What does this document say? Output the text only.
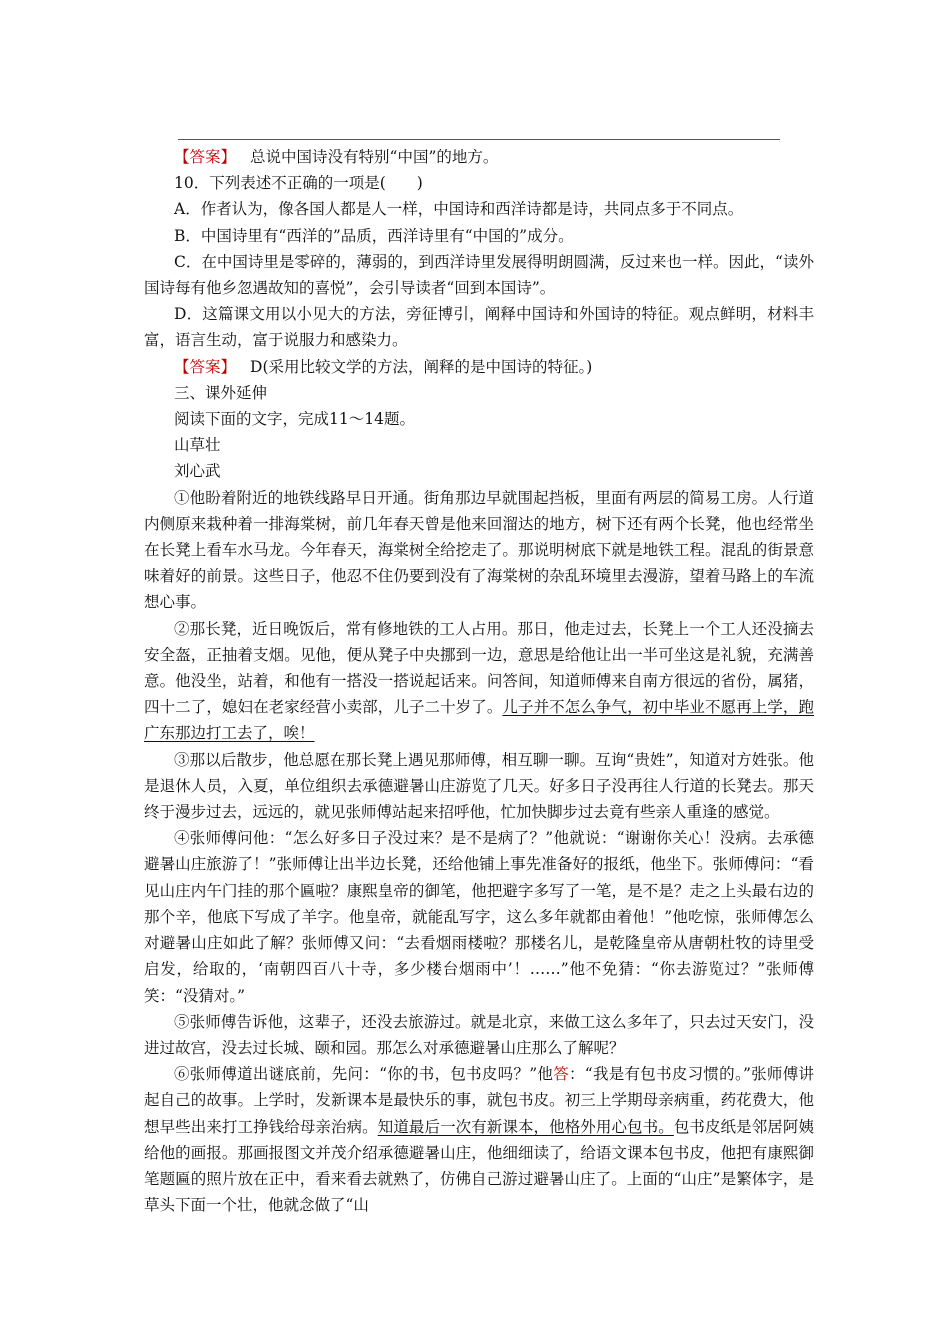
【答案】 总说中国诗没有特别“中国”的地方。

10．下列表述不正确的一项是(　　)

A．作者认为，像各国人都是人一样，中国诗和西洋诗都是诗，共同点多于不同点。

B．中国诗里有“西洋的”品质，西洋诗里有“中国的”成分。

C．在中国诗里是零碎的，薄弱的，到西洋诗里发展得明朗圆满，反过来也一样。因此，“读外国诗每有他乡忽遇故知的喜悦”，会引导读者“回到本国诗”。

D．这篇课文用以小见大的方法，旁征博引，阐释中国诗和外国诗的特征。观点鲜明，材料丰富，语言生动，富于说服力和感染力。

【答案】 D(采用比较文学的方法，阐释的是中国诗的特征。)

三、课外延伸

阅读下面的文字，完成11～14题。

山草壮

刘心武

①他盼着附近的地铁线路早日开通。街角那边早就围起挡板，里面有两层的简易工房。人行道内侧原来栽种着一排海棠树，前几年春天曾是他来回溜达的地方，树下还有两个长凳，他也经常坐在长凳上看车水马龙。今年春天，海棠树全给挖走了。那说明树底下就是地铁工程。混乱的街景意味着好的前景。这些日子，他忍不住仍要到没有了海棠树的杂乱环境里去漫游，望着马路上的车流想心事。

②那长凳，近日晚饭后，常有修地铁的工人占用。那日，他走过去，长凳上一个工人还没摘去安全盔，正抽着支烟。见他，便从凳子中央挪到一边，意思是给他让出一半可坐这是礼貌，充满善意。他没坐，站着，和他有一搭没一搭说起话来。问答间，知道师傅来自南方很远的省份，属猪，四十二了，媳妇在老家经营小卖部，儿子二十岁了。儿子并不怎么争气，初中毕业不愿再上学，跑广东那边打工去了，唉！

③那以后散步，他总愿在那长凳上遇见那师傅，相互聊一聊。互询“贵姓”，知道对方姓张。他是退休人员，入夏，单位组织去承德避暑山庄游览了几天。好多日子没再往人行道的长凳去。那天终于漫步过去，远远的，就见张师傅站起来招呼他，忙加快脚步过去竟有些亲人重逢的感觉。

④张师傅问他：“怎么好多日子没过来？是不是病了？”他就说：“谢谢你关心！没病。去承德避暑山庄旅游了！”张师傅让出半边长凳，还给他铺上事先准备好的报纸，他坐下。张师傅问：“看见山庄内午门挂的那个匾啦？康熙皇帝的御笔，他把避字多写了一笔，是不是？走之上头最右边的那个辛，他底下写成了羊字。他皇帝，就能乱写字，这么多年就都由着他！”他吃惊，张师傅怎么对避暑山庄如此了解？张师傅又问：“去看烟雨楼啦？那楼名儿，是乾隆皇帝从唐朝杜牧的诗里受启发，给取的，‘南朝四百八十寺，多少楼台烟雨中’！……”他不免猜：“你去游览过？”张师傅笑：“没猜对。”

⑤张师傅告诉他，这辈子，还没去旅游过。就是北京，来做工这么多年了，只去过天安门，没进过故宫，没去过长城、颐和园。那怎么对承德避暑山庄那么了解呢？

⑥张师傅道出谜底前，先问：“你的书，包书皮吗？”他答：“我是有包书皮习惯的。”张师傅讲起自己的故事。上学时，发新课本是最快乐的事，就包书皮。初三上学期母亲病重，药花费大，他想早些出来打工挣钱给母亲治病。知道最后一次有新课本，他格外用心包书。包书皮纸是邻居阿姨给他的画报。那画报图文并茂介绍承德避暑山庄，他细细读了，给语文课本包书皮，他把有康熙御笔题匾的照片放在正中，看来看去就熟了，仿佛自己游过避暑山庄了。上面的“山庄”是繁体字，是草头下面一个壮，他就念做了“山
